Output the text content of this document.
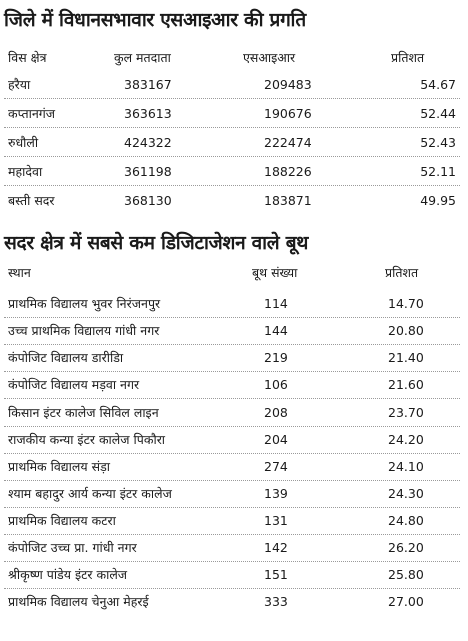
जिले में विधानसभावार एसआइआर की प्रगति
विस क्षेत्र	कुल मतदाता	एसआइआर	प्रतिशत
हरैया	383167	209483	54.67
कप्तानगंज	363613	190676	52.44
रुधौली	424322	222474	52.43
महादेवा	361198	188226	52.11
बस्ती सदर	368130	183871	49.95
सदर क्षेत्र में सबसे कम डिजिटाजेशन वाले बूथ
स्थान	बूथ संख्या	प्रतिशत
प्राथमिक विद्यालय भुवर निरंजनपुर	114	14.70
उच्च प्राथमिक विद्यालय गांधी नगर	144	20.80
कंपोजिट विद्यालय डारीडिा	219	21.40
कंपोजिट विद्यालय मड़वा नगर	106	21.60
किसान इंटर कालेज सिविल लाइन	208	23.70
राजकीय कन्या इंटर कालेज पिकौरा	204	24.20
प्राथमिक विद्यालय संड़ा	274	24.10
श्याम बहादुर आर्य कन्या इंटर कालेज	139	24.30
प्राथमिक विद्यालय कटरा	131	24.80
कंपोजिट उच्च प्रा. गांधी नगर	142	26.20
श्रीकृष्ण पांडेय इंटर कालेज	151	25.80
प्राथमिक विद्यालय चेनुआ मेहरई	333	27.00
